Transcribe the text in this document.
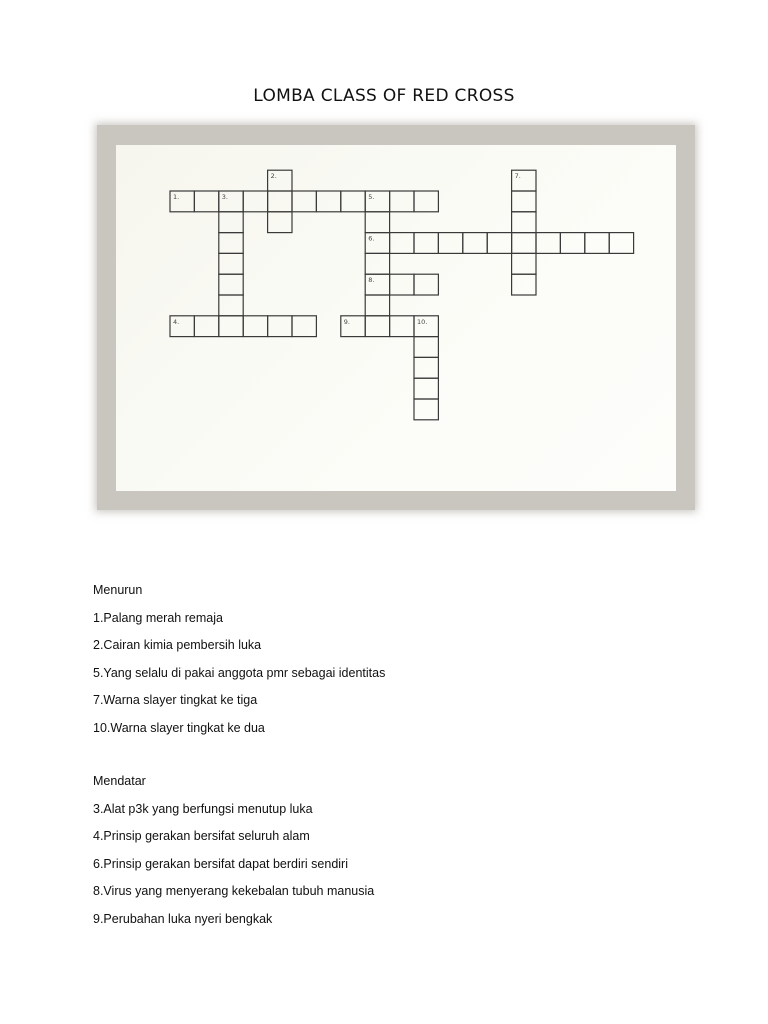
LOMBA CLASS OF RED CROSS
1.
2.
3.
4.
5.
6.
7.
8.
9.	10.
Menurun
1.Palang merah remaja
2.Cairan kimia pembersih luka
5.Yang selalu di pakai anggota pmr sebagai identitas
7.Warna slayer tingkat ke tiga
10.Warna slayer tingkat ke dua
Mendatar
3.Alat p3k yang berfungsi menutup luka
4.Prinsip gerakan bersifat seluruh alam
6.Prinsip gerakan bersifat dapat berdiri sendiri
8.Virus yang menyerang kekebalan tubuh manusia
9.Perubahan luka nyeri bengkak
